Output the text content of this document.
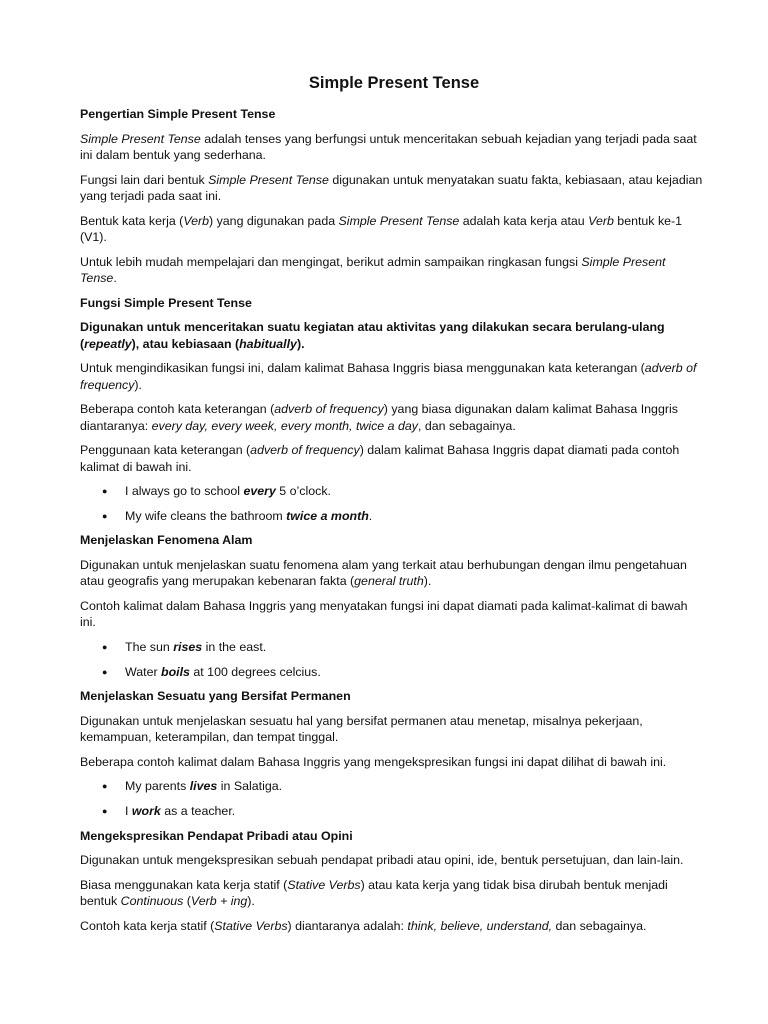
Simple Present Tense

Pengertian Simple Present Tense

Simple Present Tense adalah tenses yang berfungsi untuk menceritakan sebuah kejadian yang terjadi pada saat ini dalam bentuk yang sederhana.

Fungsi lain dari bentuk Simple Present Tense digunakan untuk menyatakan suatu fakta, kebiasaan, atau kejadian yang terjadi pada saat ini.

Bentuk kata kerja (Verb) yang digunakan pada Simple Present Tense adalah kata kerja atau Verb bentuk ke-1 (V1).

Untuk lebih mudah mempelajari dan mengingat, berikut admin sampaikan ringkasan fungsi Simple Present Tense.

Fungsi Simple Present Tense

Digunakan untuk menceritakan suatu kegiatan atau aktivitas yang dilakukan secara berulang-ulang (repeatly), atau kebiasaan (habitually).

Untuk mengindikasikan fungsi ini, dalam kalimat Bahasa Inggris biasa menggunakan kata keterangan (adverb of frequency).

Beberapa contoh kata keterangan (adverb of frequency) yang biasa digunakan dalam kalimat Bahasa Inggris diantaranya: every day, every week, every month, twice a day, dan sebagainya.

Penggunaan kata keterangan (adverb of frequency) dalam kalimat Bahasa Inggris dapat diamati pada contoh kalimat di bawah ini.

● I always go to school every 5 o’clock.
● My wife cleans the bathroom twice a month.

Menjelaskan Fenomena Alam

Digunakan untuk menjelaskan suatu fenomena alam yang terkait atau berhubungan dengan ilmu pengetahuan atau geografis yang merupakan kebenaran fakta (general truth).

Contoh kalimat dalam Bahasa Inggris yang menyatakan fungsi ini dapat diamati pada kalimat-kalimat di bawah ini.

● The sun rises in the east.
● Water boils at 100 degrees celcius.

Menjelaskan Sesuatu yang Bersifat Permanen

Digunakan untuk menjelaskan sesuatu hal yang bersifat permanen atau menetap, misalnya pekerjaan, kemampuan, keterampilan, dan tempat tinggal.

Beberapa contoh kalimat dalam Bahasa Inggris yang mengekspresikan fungsi ini dapat dilihat di bawah ini.

● My parents lives in Salatiga.
● I work as a teacher.

Mengekspresikan Pendapat Pribadi atau Opini

Digunakan untuk mengekspresikan sebuah pendapat pribadi atau opini, ide, bentuk persetujuan, dan lain-lain.

Biasa menggunakan kata kerja statif (Stative Verbs) atau kata kerja yang tidak bisa dirubah bentuk menjadi bentuk Continuous (Verb + ing).

Contoh kata kerja statif (Stative Verbs) diantaranya adalah: think, believe, understand, dan sebagainya.
